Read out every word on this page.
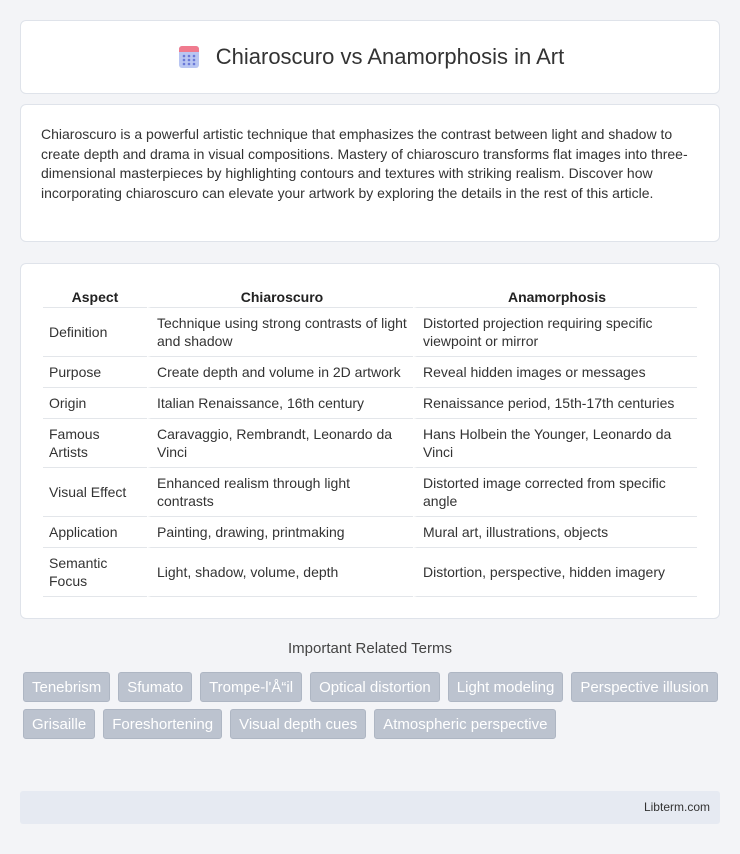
Chiaroscuro vs Anamorphosis in Art

Chiaroscuro is a powerful artistic technique that emphasizes the contrast between light and shadow to create depth and drama in visual compositions. Mastery of chiaroscuro transforms flat images into three-dimensional masterpieces by highlighting contours and textures with striking realism. Discover how incorporating chiaroscuro can elevate your artwork by exploring the details in the rest of this article.

Aspect	Chiaroscuro	Anamorphosis
Definition	Technique using strong contrasts of light and shadow	Distorted projection requiring specific viewpoint or mirror
Purpose	Create depth and volume in 2D artwork	Reveal hidden images or messages
Origin	Italian Renaissance, 16th century	Renaissance period, 15th-17th centuries
Famous Artists	Caravaggio, Rembrandt, Leonardo da Vinci	Hans Holbein the Younger, Leonardo da Vinci
Visual Effect	Enhanced realism through light contrasts	Distorted image corrected from specific angle
Application	Painting, drawing, printmaking	Mural art, illustrations, objects
Semantic Focus	Light, shadow, volume, depth	Distortion, perspective, hidden imagery
Important Related Terms
Tenebrism	Sfumato	Trompe-l'Å“il	Optical distortion	Light modeling	Perspective illusion
Grisaille	Foreshortening	Visual depth cues	Atmospheric perspective
Libterm.com
